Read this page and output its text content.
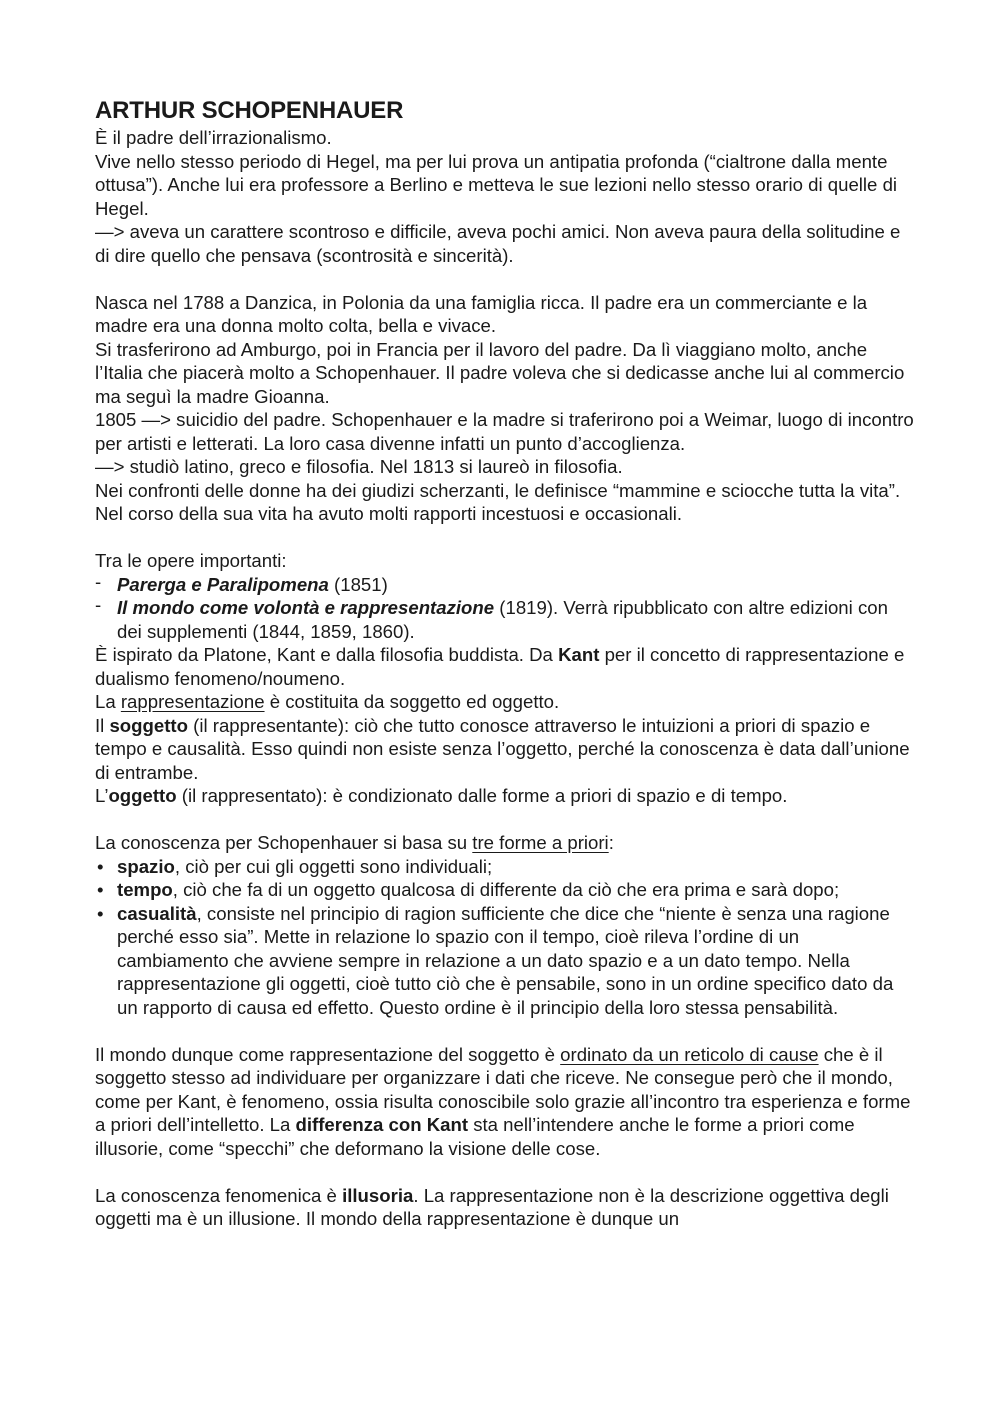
ARTHUR SCHOPENHAUER

È il padre dell’irrazionalismo.

Vive nello stesso periodo di Hegel, ma per lui prova un antipatia profonda (“cialtrone dalla mente ottusa”). Anche lui era professore a Berlino e metteva le sue lezioni nello stesso orario di quelle di Hegel.

—> aveva un carattere scontroso e difficile, aveva pochi amici. Non aveva paura della solitudine e di dire quello che pensava (scontrosità e sincerità).

Nasca nel 1788 a Danzica, in Polonia da una famiglia ricca. Il padre era un commerciante e la madre era una donna molto colta, bella e vivace.

Si trasferirono ad Amburgo, poi in Francia per il lavoro del padre. Da lì viaggiano molto, anche l’Italia che piacerà molto a Schopenhauer. Il padre voleva che si dedicasse anche lui al commercio ma seguì la madre Gioanna.

1805 —> suicidio del padre. Schopenhauer e la madre si traferirono poi a Weimar, luogo di incontro per artisti e letterati. La loro casa divenne infatti un punto d’accoglienza.

—> studiò latino, greco e filosofia. Nel 1813 si laureò in filosofia.

Nei confronti delle donne ha dei giudizi scherzanti, le definisce “mammine e sciocche tutta la vita”. Nel corso della sua vita ha avuto molti rapporti incestuosi e occasionali.

Tra le opere importanti:

- Parerga e Paralipomena (1851)
- Il mondo come volontà e rappresentazione (1819). Verrà ripubblicato con altre edizioni con dei supplementi (1844, 1859, 1860).

È ispirato da Platone, Kant e dalla filosofia buddista. Da Kant per il concetto di rappresentazione e dualismo fenomeno/noumeno.

La rappresentazione è costituita da soggetto ed oggetto.

Il soggetto (il rappresentante): ciò che tutto conosce attraverso le intuizioni a priori di spazio e tempo e causalità. Esso quindi non esiste senza l’oggetto, perché la conoscenza è data dall’unione di entrambe.

L’oggetto (il rappresentato): è condizionato dalle forme a priori di spazio e di tempo.

La conoscenza per Schopenhauer si basa su tre forme a priori:

• spazio, ciò per cui gli oggetti sono individuali;
• tempo, ciò che fa di un oggetto qualcosa di differente da ciò che era prima e sarà dopo;
• casualità, consiste nel principio di ragion sufficiente che dice che “niente è senza una ragione perché esso sia”. Mette in relazione lo spazio con il tempo, cioè rileva l’ordine di un cambiamento che avviene sempre in relazione a un dato spazio e a un dato tempo. Nella rappresentazione gli oggetti, cioè tutto ciò che è pensabile, sono in un ordine specifico dato da un rapporto di causa ed effetto. Questo ordine è il principio della loro stessa pensabilità.

Il mondo dunque come rappresentazione del soggetto è ordinato da un reticolo di cause che è il soggetto stesso ad individuare per organizzare i dati che riceve. Ne consegue però che il mondo, come per Kant, è fenomeno, ossia risulta conoscibile solo grazie all’incontro tra esperienza e forme a priori dell’intelletto. La differenza con Kant sta nell’intendere anche le forme a priori come illusorie, come “specchi” che deformano la visione delle cose.

La conoscenza fenomenica è illusoria. La rappresentazione non è la descrizione oggettiva degli oggetti ma è un illusione. Il mondo della rappresentazione è dunque un
